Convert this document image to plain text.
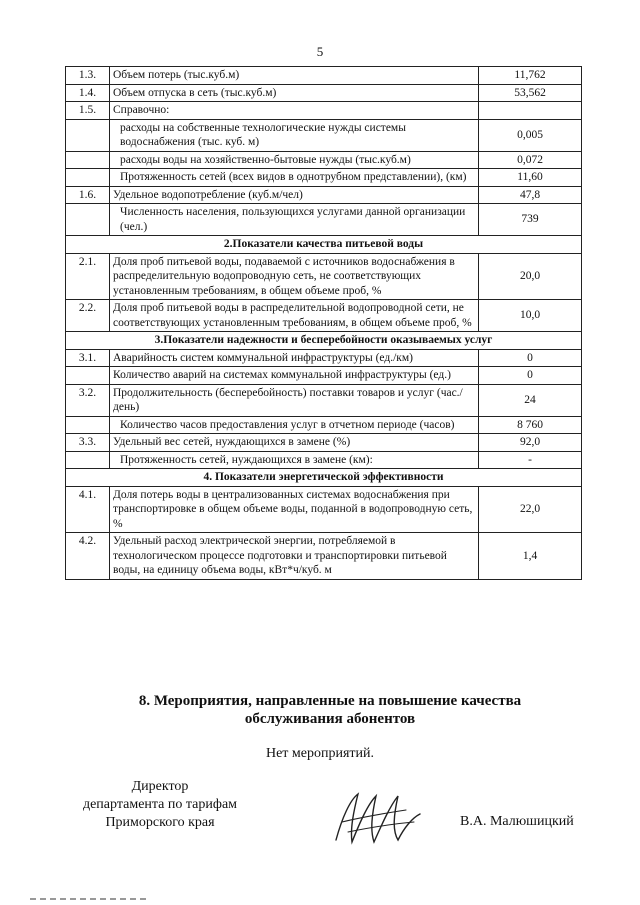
5
1.3.	Объем потерь (тыс.куб.м)	11,762
1.4.	Объем отпуска в сеть (тыс.куб.м)	53,562
1.5.	Справочно:	
	расходы на собственные технологические нужды системы водоснабжения (тыс. куб. м)	0,005
	расходы воды на хозяйственно-бытовые нужды (тыс.куб.м)	0,072
	Протяженность сетей (всех видов в однотрубном представлении), (км)	11,60
1.6.	Удельное водопотребление (куб.м/чел)	47,8
	Численность населения, пользующихся услугами данной организации (чел.)	739
2.Показатели качества питьевой воды		
2.1.	Доля проб питьевой воды, подаваемой с источников водоснабжения в распределительную водопроводную сеть, не соответствующих установленным требованиям, в общем объеме проб, %	20,0
2.2.	Доля проб питьевой воды в распределительной водопроводной сети, не соответствующих установленным требованиям, в общем объеме проб, %	10,0
3.Показатели надежности и бесперебойности оказываемых услуг		
3.1.	Аварийность систем коммунальной инфраструктуры (ед./км)	0
	Количество аварий на системах коммунальной инфраструктуры (ед.)	0
3.2.	Продолжительность (бесперебойность) поставки товаров и услуг (час./день)	24
	Количество часов предоставления услуг в отчетном периоде (часов)	8 760
3.3.	Удельный вес сетей, нуждающихся в замене (%)	92,0
	Протяженность сетей, нуждающихся в замене (км):	-
4. Показатели энергетической эффективности		
4.1.	Доля потерь воды в централизованных системах водоснабжения при транспортировке в общем объеме воды, поданной в водопроводную сеть, %	22,0
4.2.	Удельный расход электрической энергии, потребляемой в технологическом процессе подготовки и транспортировки питьевой воды, на единицу объема воды, кВт*ч/куб. м	1,4
8. Мероприятия, направленные на повышение качества
обслуживания абонентов
Нет мероприятий.
Директор
департамента по тарифам
Приморского края	В.А. Малюшицкий
